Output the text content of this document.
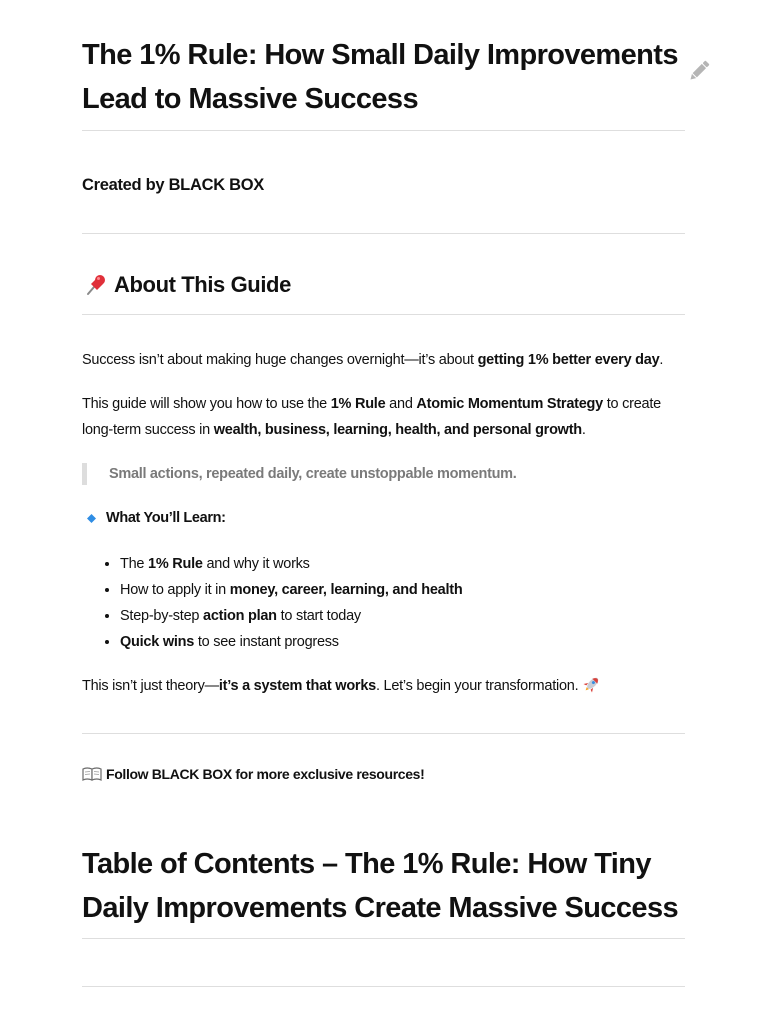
The 1% Rule: How Small Daily Improvements Lead to Massive Success
Created by BLACK BOX
About This Guide

Success isn’t about making huge changes overnight—it’s about getting 1% better every day.

This guide will show you how to use the 1% Rule and Atomic Momentum Strategy to create long-term success in wealth, business, learning, health, and personal growth.

Small actions, repeated daily, create unstoppable momentum.
What You’ll Learn:
• The 1% Rule and why it works
• How to apply it in money, career, learning, and health
• Step-by-step action plan to start today
• Quick wins to see instant progress

This isn’t just theory—it’s a system that works. Let’s begin your transformation.

Follow BLACK BOX for more exclusive resources!
Table of Contents – The 1% Rule: How Tiny Daily Improvements Create Massive Success
